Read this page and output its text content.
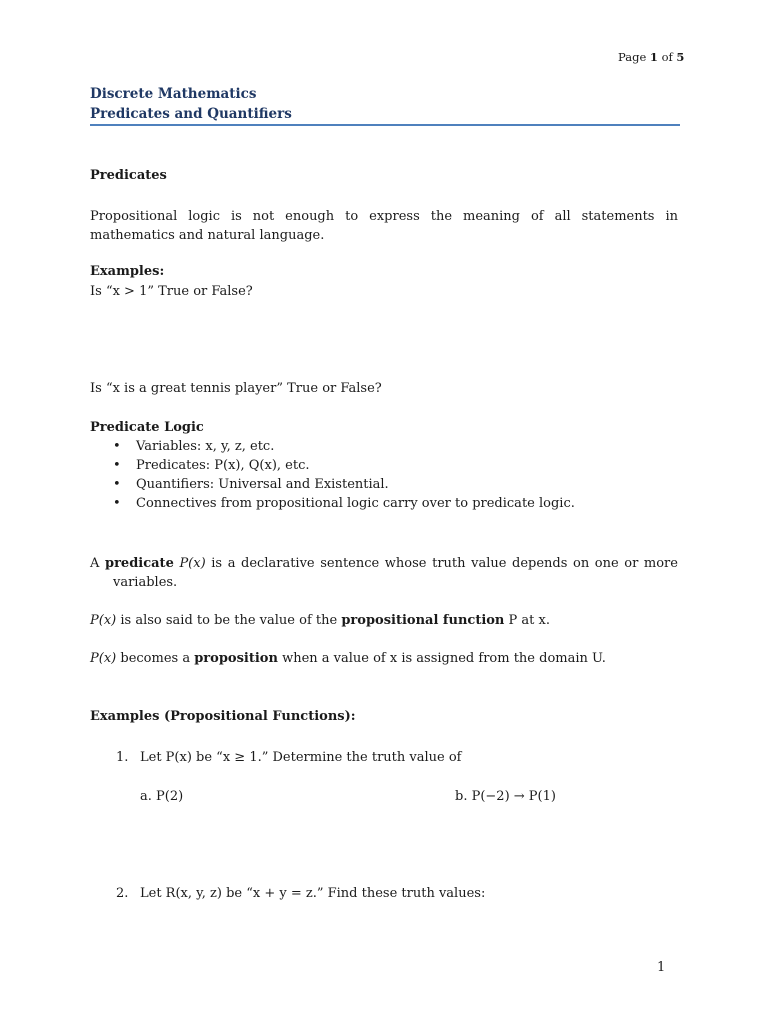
Page 1 of 5
Discrete Mathematics
Predicates and Quantifiers
Predicates
Propositional logic is not enough to express the meaning of all statements in mathematics and natural language.
Examples:
Is “x > 1” True or False?
Is “x is a great tennis player” True or False?
Predicate Logic
• Variables: x, y, z, etc.
• Predicates: P(x), Q(x), etc.
• Quantifiers: Universal and Existential.
• Connectives from propositional logic carry over to predicate logic.
A predicate P(x) is a declarative sentence whose truth value depends on one or more variables.
P(x) is also said to be the value of the propositional function P at x.
P(x) becomes a proposition when a value of x is assigned from the domain U.
Examples (Propositional Functions):
1. Let P(x) be “x ≥ 1.” Determine the truth value of
a. P(2)	b. P(−2) → P(1)
2. Let R(x, y, z) be “x + y = z.” Find these truth values:
1
